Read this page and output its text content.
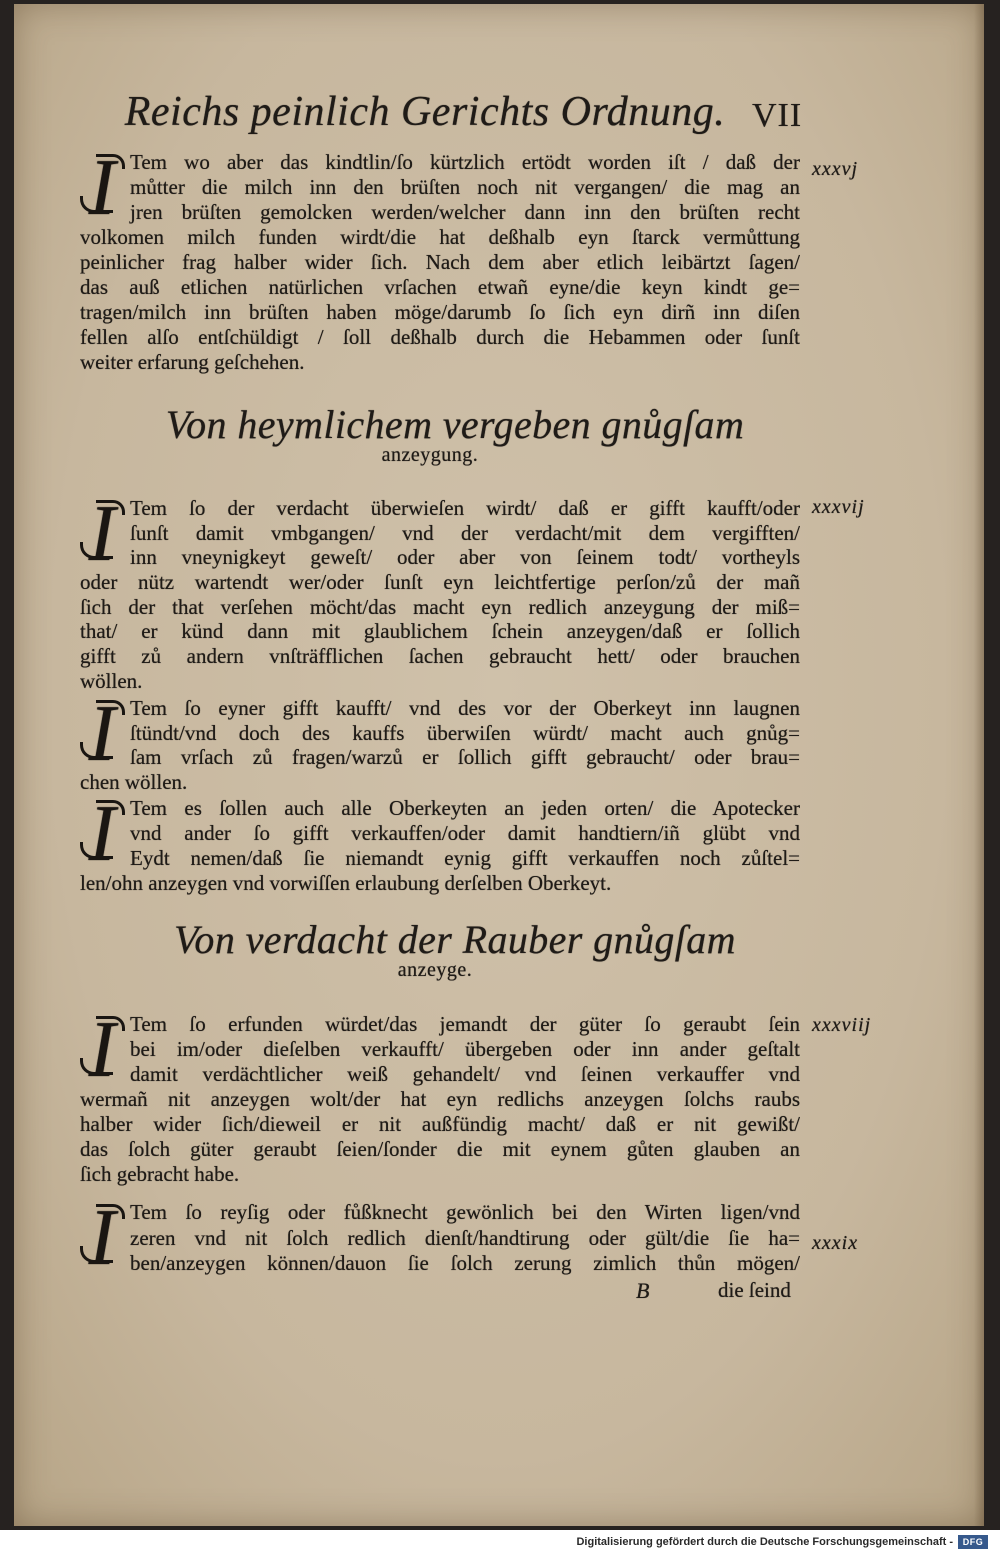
Reichs peinlich Gerichts Ordnung. VII
I Tem wo aber das kindtlin/ſo kürtzlich ertödt worden iſt / daß der
můtter die milch inn den brüſten noch nit vergangen/ die mag an
jren brüſten gemolcken werden/welcher dann inn den brüſten recht
volkomen milch funden wirdt/die hat deßhalb eyn ſtarck vermůttung
peinlicher frag halber wider ſich. Nach dem aber etlich leibärtzt ſagen/
das auß etlichen natürlichen vrſachen etwañ eyne/die keyn kindt ge=
tragen/milch inn brüſten haben möge/darumb ſo ſich eyn dirñ inn diſen
fellen alſo entſchüldigt / ſoll deßhalb durch die Hebammen oder ſunſt
weiter erfarung geſchehen.
xxxvj
Von heymlichem vergeben gnůgſam
anzeygung.
I Tem ſo der verdacht überwieſen wirdt/ daß er gifft kaufft/oder
ſunſt damit vmbgangen/ vnd der verdacht/mit dem vergifften/
inn vneynigkeyt geweſt/ oder aber von ſeinem todt/ vortheyls
oder nütz wartendt wer/oder ſunſt eyn leichtfertige perſon/zů der mañ
ſich der that verſehen möcht/das macht eyn redlich anzeygung der miß=
that/ er künd dann mit glaublichem ſchein anzeygen/daß er ſollich
gifft zů andern vnſträfflichen ſachen gebraucht hett/ oder brauchen
wöllen.
xxxvij
I Tem ſo eyner gifft kaufft/ vnd des vor der Oberkeyt inn laugnen
ſtündt/vnd doch des kauffs überwiſen würdt/ macht auch gnůg=
ſam vrſach zů fragen/warzů er ſollich gifft gebraucht/ oder brau=
chen wöllen.
I Tem es ſollen auch alle Oberkeyten an jeden orten/ die Apotecker
vnd ander ſo gifft verkauffen/oder damit handtiern/iñ glübt vnd
Eydt nemen/daß ſie niemandt eynig gifft verkauffen noch zůſtel=
len/ohn anzeygen vnd vorwiſſen erlaubung derſelben Oberkeyt.
Von verdacht der Rauber gnůgſam
anzeyge.
I Tem ſo erfunden würdet/das jemandt der güter ſo geraubt ſein
bei im/oder dieſelben verkaufft/ übergeben oder inn ander geſtalt
damit verdächtlicher weiß gehandelt/ vnd ſeinen verkauffer vnd
wermañ nit anzeygen wolt/der hat eyn redlichs anzeygen ſolchs raubs
halber wider ſich/dieweil er nit außfündig macht/ daß er nit gewißt/
das ſolch güter geraubt ſeien/ſonder die mit eynem gůten glauben an
ſich gebracht habe.
xxxviij
I Tem ſo reyſig oder fůßknecht gewönlich bei den Wirten ligen/vnd
zeren vnd nit ſolch redlich dienſt/handtirung oder gült/die ſie ha=
ben/anzeygen können/dauon ſie ſolch zerung zimlich thůn mögen/
xxxix
B	die ſeind
Digitalisierung gefördert durch die Deutsche Forschungsgemeinschaft -	DFG
